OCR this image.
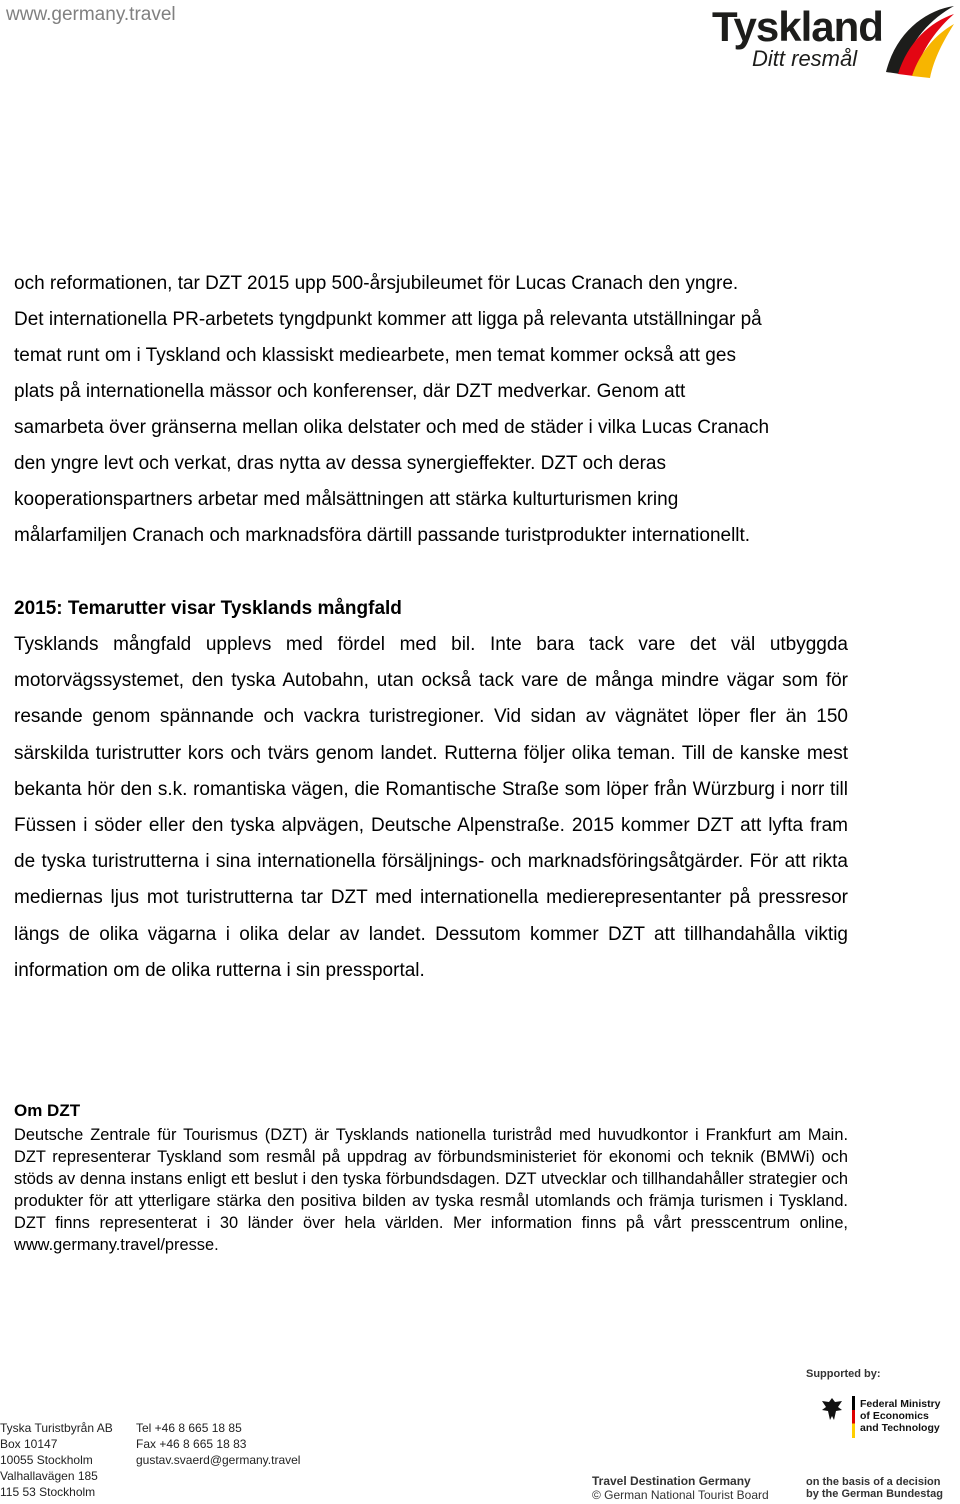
www.germany.travel	Tyskland
Ditt resmål
och reformationen, tar DZT 2015 upp 500-årsjubileumet för Lucas Cranach den yngre.
Det internationella PR-arbetets tyngdpunkt kommer att ligga på relevanta utställningar på
temat runt om i Tyskland och klassiskt mediearbete, men temat kommer också att ges
plats på internationella mässor och konferenser, där DZT medverkar. Genom att
samarbeta över gränserna mellan olika delstater och med de städer i vilka Lucas Cranach
den yngre levt och verkat, dras nytta av dessa synergieffekter. DZT och deras
kooperationspartners arbetar med målsättningen att stärka kulturturismen kring
målarfamiljen Cranach och marknadsföra därtill passande turistprodukter internationellt.
2015: Temarutter visar Tysklands mångfald

Tysklands mångfald upplevs med fördel med bil. Inte bara tack vare det väl utbyggda motorvägssystemet, den tyska Autobahn, utan också tack vare de många mindre vägar som för resande genom spännande och vackra turistregioner. Vid sidan av vägnätet löper fler än 150 särskilda turistrutter kors och tvärs genom landet. Rutterna följer olika teman. Till de kanske mest bekanta hör den s.k. romantiska vägen, die Romantische Straße som löper från Würzburg i norr till Füssen i söder eller den tyska alpvägen, Deutsche Alpenstraße. 2015 kommer DZT att lyfta fram de tyska turistrutterna i sina internationella försäljnings- och marknadsföringsåtgärder. För att rikta mediernas ljus mot turistrutterna tar DZT med internationella medierepresentanter på pressresor längs de olika vägarna i olika delar av landet. Dessutom kommer DZT att tillhandahålla viktig information om de olika rutterna i sin pressportal.

Om DZT

Deutsche Zentrale für Tourismus (DZT) är Tysklands nationella turistråd med huvudkontor i Frankfurt am Main. DZT representerar Tyskland som resmål på uppdrag av förbundsministeriet för ekonomi och teknik (BMWi) och stöds av denna instans enligt ett beslut i den tyska förbundsdagen. DZT utvecklar och tillhandahåller strategier och produkter för att ytterligare stärka den positiva bilden av tyska resmål utomlands och främja turismen i Tyskland. DZT finns representerat i 30 länder över hela världen. Mer information finns på vårt presscentrum online, www.germany.travel/presse.

Tyska Turistbyrån AB
Box 10147
10055 Stockholm
Valhallavägen 185
115 53 Stockholm
Tel +46 8 665 18 85
Fax +46 8 665 18 83
gustav.svaerd@germany.travel
Supported by:
Federal Ministry
of Economics
and Technology
Travel Destination Germany
© German National Tourist Board
on the basis of a decision
by the German Bundestag
